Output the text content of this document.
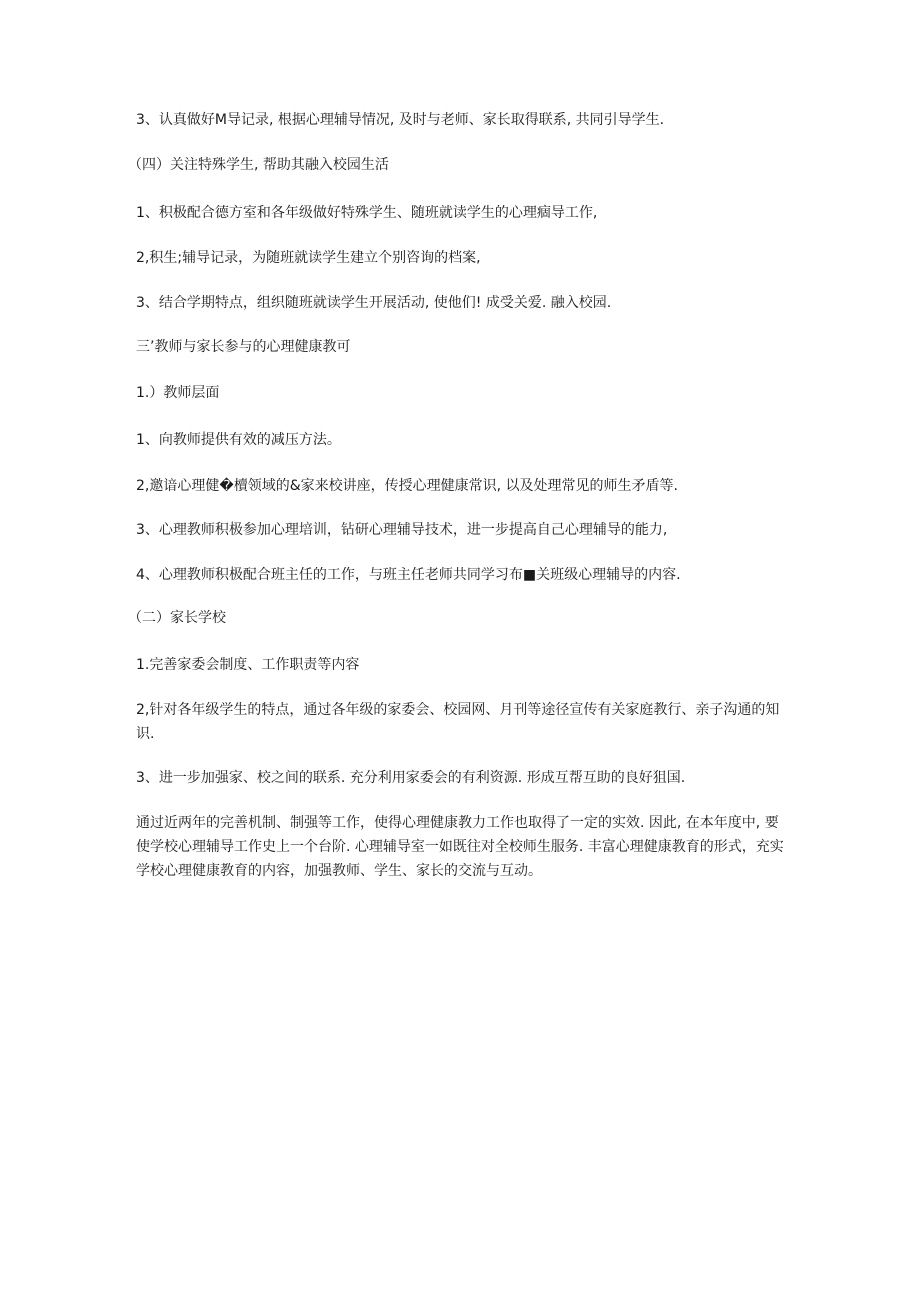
3、认真做好M导记录, 根据心理辅导情况, 及时与老师、家长取得联系, 共同引导学生.

（四）关注特殊学生, 帮助其融入校园生活

1、积极配合德方室和各年级做好特殊学生、随班就读学生的心理痼导工作,

2,积生;辅导记录，为随班就读学生建立个别咨询的档案,

3、结合学期特点，组织随班就读学生开展活动, 使他们! 成受关爱. 融入校园.

三’教师与家长参与的心理健康教可

1.）教师层面

1、向教师提供有效的减压方法。

2,邀谙心理健�櫝领域的&家来校讲座，传授心理健康常识, 以及处理常见的师生矛盾等.

3、心理教师积极参加心理培训，钻研心理辅导技术，进一步提高自己心理辅导的能力,

4、心理教师积极配合班主任的工作，与班主任老师共同学习布■关班级心理辅导的内容.

（二）家长学校

1.完善家委会制度、工作职责等内容

2,针对各年级学生的特点，通过各年级的家委会、校园网、月刊等途径宣传有关家庭教行、亲子沟通的知识.

3、进一步加强家、校之间的联系. 充分利用家委会的有利资源. 形成互帮互助的良好狙国.

通过近两年的完善机制、制强等工作，使得心理健康教力工作也取得了一定的实效. 因此, 在本年度中, 要使学校心理辅导工作史上一个台阶. 心理辅导室一如既往对全校师生服务. 丰富心理健康教育的形式，充实学校心理健康教育的内容，加强教师、学生、家长的交流与互动。
